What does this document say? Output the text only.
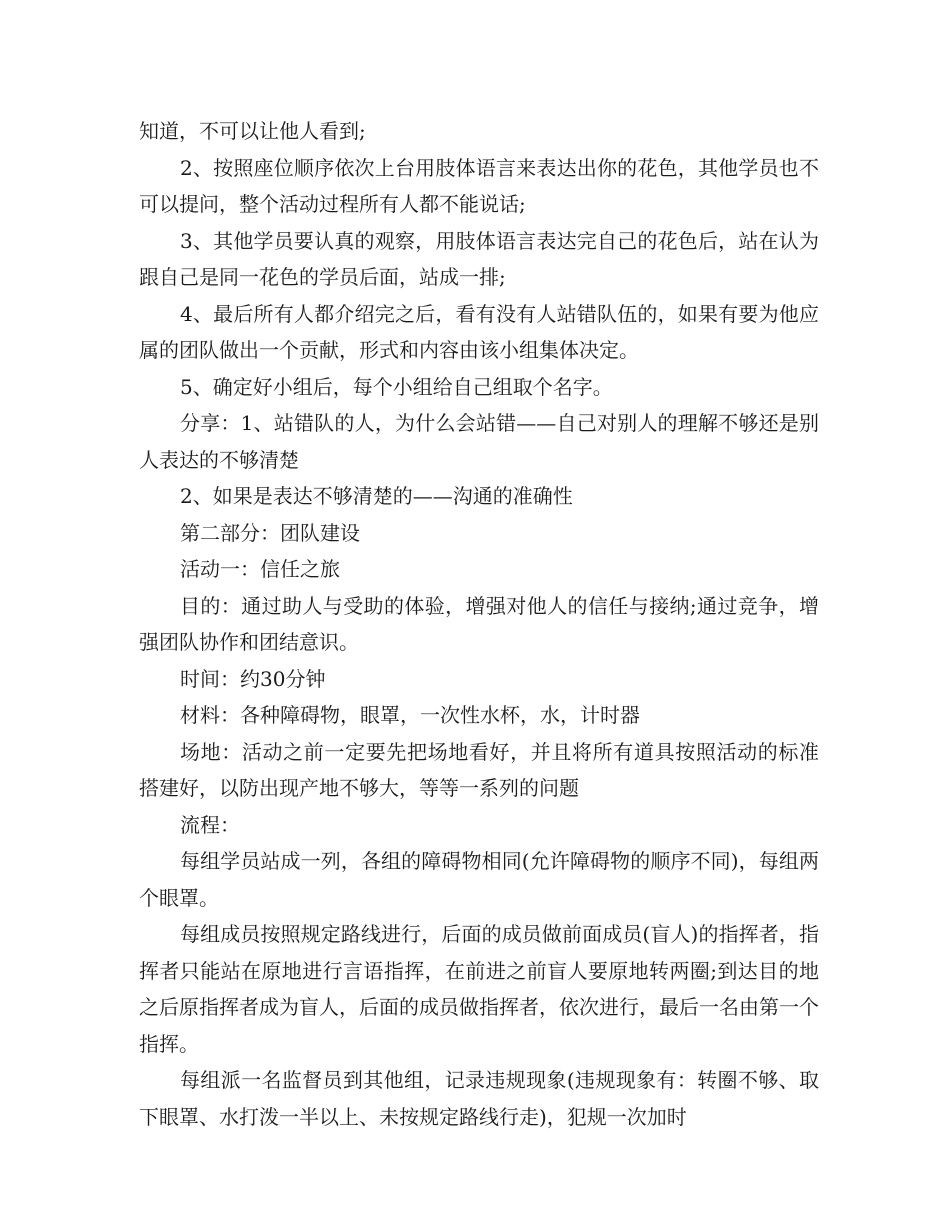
知道，不可以让他人看到;

2、按照座位顺序依次上台用肢体语言来表达出你的花色，其他学员也不可以提问，整个活动过程所有人都不能说话;

3、其他学员要认真的观察，用肢体语言表达完自己的花色后，站在认为跟自己是同一花色的学员后面，站成一排;

4、最后所有人都介绍完之后，看有没有人站错队伍的，如果有要为他应属的团队做出一个贡献，形式和内容由该小组集体决定。

5、确定好小组后，每个小组给自己组取个名字。

分享：1、站错队的人，为什么会站错——自己对别人的理解不够还是别人表达的不够清楚

2、如果是表达不够清楚的——沟通的准确性

第二部分：团队建设

活动一：信任之旅

目的：通过助人与受助的体验，增强对他人的信任与接纳;通过竞争，增强团队协作和团结意识。

时间：约30分钟

材料：各种障碍物，眼罩，一次性水杯，水，计时器

场地：活动之前一定要先把场地看好，并且将所有道具按照活动的标准搭建好，以防出现产地不够大，等等一系列的问题

流程：

每组学员站成一列，各组的障碍物相同(允许障碍物的顺序不同)，每组两个眼罩。

每组成员按照规定路线进行，后面的成员做前面成员(盲人)的指挥者，指挥者只能站在原地进行言语指挥，在前进之前盲人要原地转两圈;到达目的地之后原指挥者成为盲人，后面的成员做指挥者，依次进行，最后一名由第一个指挥。

每组派一名监督员到其他组，记录违规现象(违规现象有：转圈不够、取下眼罩、水打泼一半以上、未按规定路线行走)，犯规一次加时
